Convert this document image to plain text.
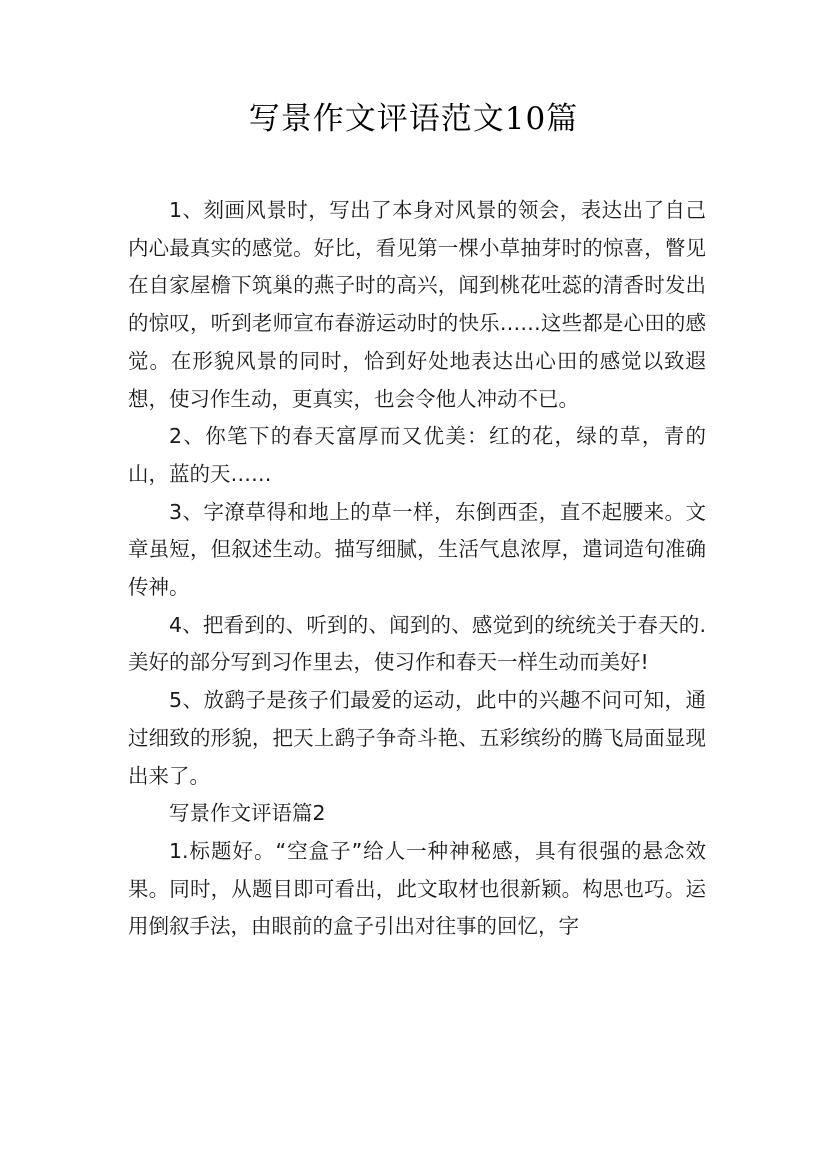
写景作文评语范文10篇

1、刻画风景时，写出了本身对风景的领会，表达出了自己内心最真实的感觉。好比，看见第一棵小草抽芽时的惊喜，瞥见在自家屋檐下筑巢的燕子时的高兴，闻到桃花吐蕊的清香时发出的惊叹，听到老师宣布春游运动时的快乐……这些都是心田的感觉。在形貌风景的同时，恰到好处地表达出心田的感觉以致遐想，使习作生动，更真实，也会令他人冲动不已。

2、你笔下的春天富厚而又优美：红的花，绿的草，青的山，蓝的天……

3、字潦草得和地上的草一样，东倒西歪，直不起腰来。文章虽短，但叙述生动。描写细腻，生活气息浓厚，遣词造句准确传神。

4、把看到的、听到的、闻到的、感觉到的统统关于春天的.美好的部分写到习作里去，使习作和春天一样生动而美好!

5、放鹞子是孩子们最爱的运动，此中的兴趣不问可知，通过细致的形貌，把天上鹞子争奇斗艳、五彩缤纷的腾飞局面显现出来了。

写景作文评语篇2

1.标题好。“空盒子”给人一种神秘感，具有很强的悬念效果。同时，从题目即可看出，此文取材也很新颖。构思也巧。运用倒叙手法，由眼前的盒子引出对往事的回忆，字
